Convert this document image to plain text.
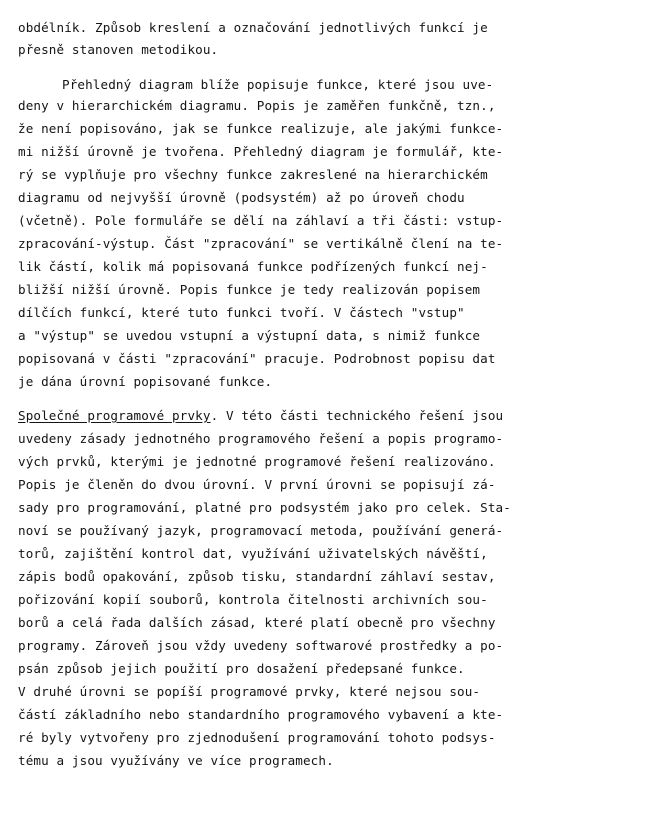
obdélník. Způsob kreslení a označování jednotlivých funkcí je
přesně stanoven metodikou.
Přehledný diagram blíže popisuje funkce, které jsou uve-
deny v hierarchickém diagramu. Popis je zaměřen funkčně, tzn.,
že není popisováno, jak se funkce realizuje, ale jakými funkce-
mi nižší úrovně je tvořena. Přehledný diagram je formulář, kte-
rý se vyplňuje pro všechny funkce zakreslené na hierarchickém
diagramu od nejvyšší úrovně (podsystém) až po úroveň chodu
(včetně). Pole formuláře se dělí na záhlaví a tři části: vstup-
zpracování-výstup. Část "zpracování" se vertikálně člení na te-
lik částí, kolik má popisovaná funkce podřízených funkcí nej-
bližší nižší úrovně. Popis funkce je tedy realizován popisem
dílčích funkcí, které tuto funkci tvoří. V částech "vstup"
a "výstup" se uvedou vstupní a výstupní data, s nimiž funkce
popisovaná v části "zpracování" pracuje. Podrobnost popisu dat
je dána úrovní popisované funkce.
Společné programové prvky. V této části technického řešení jsou
uvedeny zásady jednotného programového řešení a popis programo-
vých prvků, kterými je jednotné programové řešení realizováno.
Popis je členěn do dvou úrovní. V první úrovni se popisují zá-
sady pro programování, platné pro podsystém jako pro celek. Sta-
noví se používaný jazyk, programovací metoda, používání generá-
torů, zajištění kontrol dat, využívání uživatelských návěští,
zápis bodů opakování, způsob tisku, standardní záhlaví sestav,
pořizování kopií souborů, kontrola čitelnosti archivních sou-
borů a celá řada dalších zásad, které platí obecně pro všechny
programy. Zároveň jsou vždy uvedeny softwarové prostředky a po-
psán způsob jejich použití pro dosažení předepsané funkce.
V druhé úrovni se popíší programové prvky, které nejsou sou-
částí základního nebo standardního programového vybavení a kte-
ré byly vytvořeny pro zjednodušení programování tohoto podsys-
tému a jsou využívány ve více programech.
